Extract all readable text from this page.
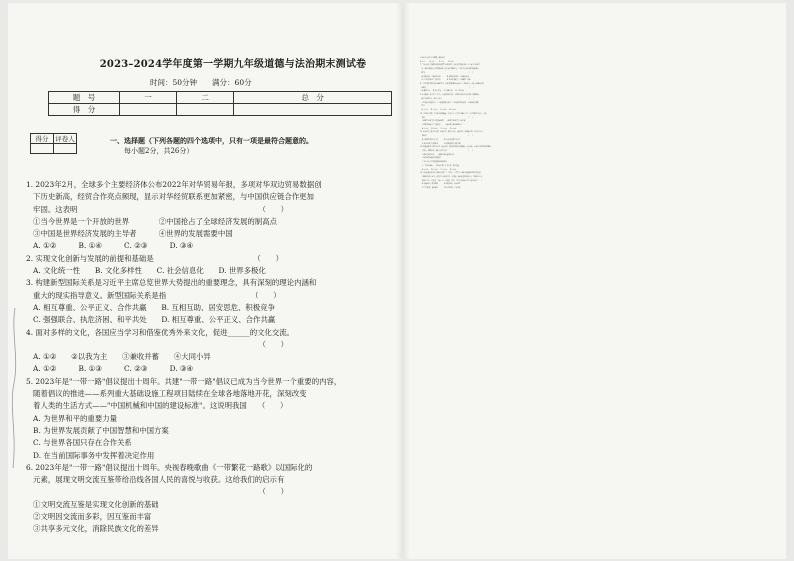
2023–2024学年度第一学期九年级道德与法治期末测试卷
时间：50分钟　　满分：60分
题　号	一	二	总　分
得　分			
得分	评卷人
		一、选择题（下列各题的四个选项中，只有一项是最符合题意的。
每小题2分，共26分）

1. 2023年2月，全球多个主要经济体公布2022年对华贸易年报，多项对华双边贸易数据创

下历史新高，经贸合作亮点频现，显示对华经贸联系更加紧密，与中国供应链合作更加

牢固。这表明　　　　　　　　　　　　　　　　　　　　　　　　　（　　）

①当今世界是一个开放的世界　　　　②中国抢占了全球经济发展的制高点

③中国是世界经济发展的主导者　　　④世界的发展需要中国

A. ①②　　　B. ①④　　　C. ②③　　　D. ③④

2. 实现文化创新与发展的前提和基础是　　　　　　　　　　　　　　（　　）

A. 文化统一性　　B. 文化多样性　　C. 社会信息化　　D. 世界多极化

3. 构建新型国际关系是习近平主席总览世界大势提出的重要理念，具有深刻的理论内涵和

重大的现实指导意义。新型国际关系是指　　　　　　　　　　　　（　　）

A. 相互尊重、公平正义、合作共赢　　B. 互相互助、居安思危、积极竞争

C. 强强联合、执危济困、和平共处　　D. 相互尊重、公平正义、合作共赢

4. 面对多样的文化，各国应当学习和借鉴优秀外来文化，促进______的文化交流。

　　　　　　　　　　　　　　　　　　　　　　　　　　　　　　　（　　）

A. ①②　　②以我为主　　③兼收并蓄　　④大同小异

A. ①②　　　B. ①③　　　C. ②③　　　D. ③④

5. 2023年是"一带一路"倡议提出十周年。共建"一带一路"倡议已成为当今世界一个重要的内容，

随着倡议的推进——系列重大基础设施工程项目陆续在全球各地落地开花，深刻改变

着人类的生活方式——"中国机械和中国的建设标准"。这说明我国　　（　　）

A. 为世界和平的重要力量

B. 为世界发展贡献了中国智慧和中国方案

C. 与世界各国只存在合作关系

D. 在当前国际事务中发挥着决定作用

6. 2023年是"一带一路"倡议提出十周年。央视春晚歌曲《一带繁花一路歌》以国际化的

元素，展现文明交流互鉴带给沿线各国人民的喜悦与收获。这给我们的启示有

　　　　　　　　　　　　　　　　　　　　　　　　　　　　　　　（　　）

①文明交流互鉴是实现文化创新的基础

②文明因交流而多彩，因互鉴而丰富

③共享多元文化，消除民族文化的差异

④从不同文明中寻求智慧，汲取营养

A. ①②　　　B. ①③　　　C. ②④　　　D. ③④

7. "全面小康、摆脱贫困是我们党给人民的交代，也是对世界的贡献。让大家过上更好生

活，我们不能满足于取得的成绩，还有很长的路要走。"习近平总书记说的"眼前的成

绩"是　　　　　　　　　　　　　　　　　　　　　　　　　　　　（　　）

A. 摆脱贫困，实现总体小康　　　　B. 消除绝对贫困，全面建成小康

C. 让人民群众过上美好生活　　　　D. 推动乡村振兴，实现城乡一体化

8. 当今世界维护和平的力量在增长，但战争的阴影从未远离。下列选项中，不属于威胁和平的

因素是　　　　　　　　　　　　　　　　　　　　　　　　　　　　（　　）

A. 霸权主义　　B. 领土争端　　C. 恐怖主义　　D. 合作共赢

9. 非不避难，勇于担当。作为一个负责任的大国，中国努力提高自身在国际上的影响力，

感召力和塑造力，致力于成为　　　　　　　　　　　　　　　　　　（　　）

①世界和平的建设者　②全球发展的贡献者　③环境保护的决策者　④国际秩序的维

护者

A. ①②③　　B. ①②④　　C. ①③④　　D. ②③④

10. 九年级下学期，学习任务更加繁重，学习压力、升学压力随之上升。为了缓解学习压力，可取

的有　　　　　　　　　　　　　　　　　　　　　　　　　　　　（　　）

①组织毕业班学生开展足球比赛　　②组织毕业班学生文艺汇演

③组织"释放压力"主题班会　　　④通宵看手机以缓解压力

A. ①②③　　B. ①②④　　C. ①③④　　D. ②③④

11. 少而好学，如日出之阳；壮而好学，如日中之光；老而好学，如秉烛之明。这句名言启示

我们要　　　　　　　　　　　　　　　　　　　　　　　　　　　（　　）

A. 掌握科学的学习方法　　　　B. 运用不同的学习方式

C. 树立终身学习的理念　　　　D. 能够发现学习的兴趣

12. 转眼间就要告别初中生活，面对未来，我们要不断追寻和明确，走向未来，未来属于那些相信梦想之

美的人。憧憬未来，我们青少年应该　　　　　　　　　　　　　　（　　）

①规划美好的未来　　②积极实现有意义的人生

③很班支国家和民族的发展

⑤关注人类与世界发展的前途和命运

④一切要从现在，一切要从开始，不计后果，勇往直前

A. ①②③　　B. ①②④　　C. ①③④　　D. ②③④

13. 基层快递小哥宋学文被选为党的二十大代表，十余年里，他累计投递超过30万件包裹，

行程超过32万公里，还培养人实现零差评、零投诉。他在接受采访时表示："继续在平凡

的岗位上有一分光发一分热，有一分热发一份光。"这启示我们在工作上就要有着（　　）

A. 尊重他人，敢奋创新　　　　B. 践行诚信，风雨无阻

C. 坚守职责，爱岗敬业　　　　D. 付出代价，力求回报
